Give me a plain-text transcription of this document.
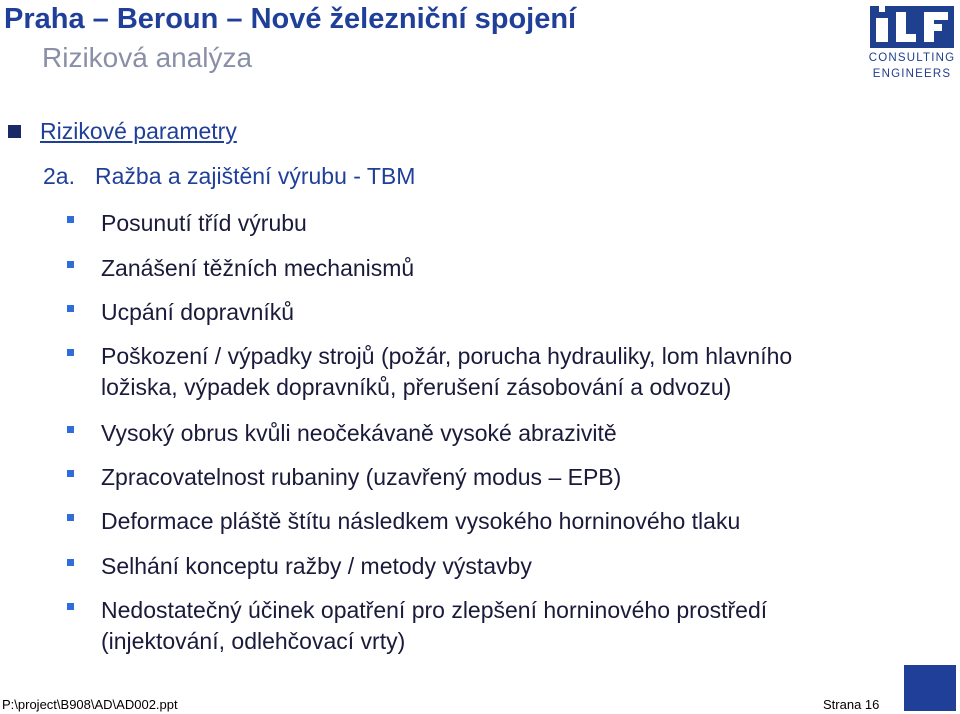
Praha – Beroun – Nové železniční spojení
Riziková analýza	CONSULTING
ENGINEERS
Rizikové parametry
2a. Ražba a zajištění výrubu - TBM
Posunutí tříd výrubu
Zanášení těžních mechanismů
Ucpání dopravníků
Poškození / výpadky strojů (požár, porucha hydrauliky, lom hlavního
ložiska, výpadek dopravníků, přerušení zásobování a odvozu)
Vysoký obrus kvůli neočekávaně vysoké abrazivitě
Zpracovatelnost rubaniny (uzavřený modus – EPB)
Deformace pláště štítu následkem vysokého horninového tlaku
Selhání konceptu ražby / metody výstavby
Nedostatečný účinek opatření pro zlepšení horninového prostředí
(injektování, odlehčovací vrty)
P:\project\B908\AD\AD002.ppt	Strana 16
